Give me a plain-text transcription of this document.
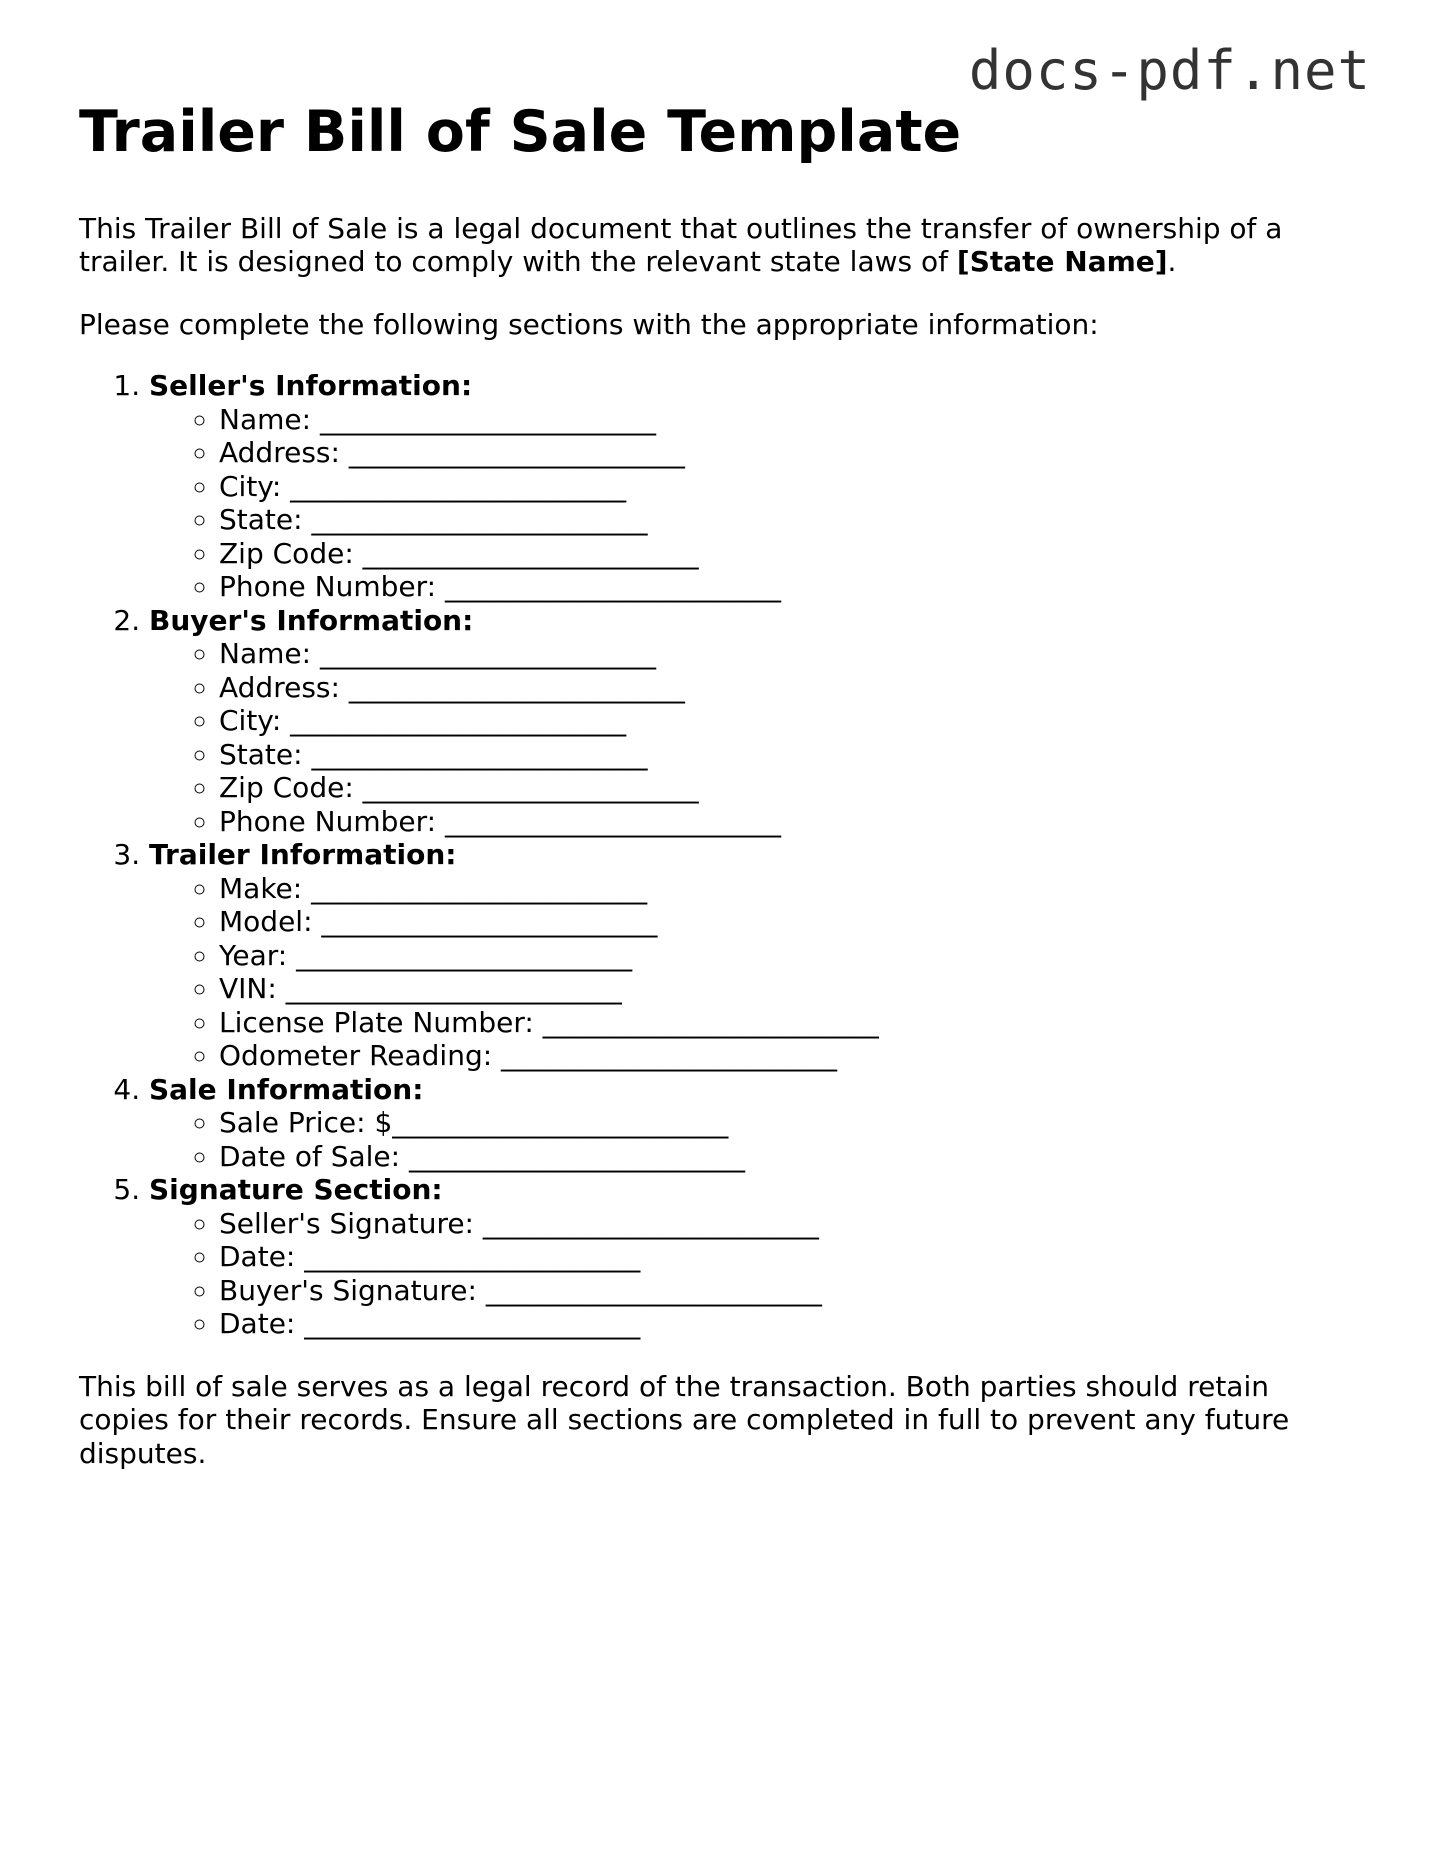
docs-pdf.net
Trailer Bill of Sale Template

This Trailer Bill of Sale is a legal document that outlines the transfer of ownership of a trailer. It is designed to comply with the relevant state laws of [State Name].

Please complete the following sections with the appropriate information:

1. Seller's Information:
◦ Name: ________________________
◦ Address: ________________________
◦ City: ________________________
◦ State: ________________________
◦ Zip Code: ________________________
◦ Phone Number: ________________________
2. Buyer's Information:
◦ Name: ________________________
◦ Address: ________________________
◦ City: ________________________
◦ State: ________________________
◦ Zip Code: ________________________
◦ Phone Number: ________________________
3. Trailer Information:
◦ Make: ________________________
◦ Model: ________________________
◦ Year: ________________________
◦ VIN: ________________________
◦ License Plate Number: ________________________
◦ Odometer Reading: ________________________
4. Sale Information:
◦ Sale Price: $________________________
◦ Date of Sale: ________________________
5. Signature Section:
◦ Seller's Signature: ________________________
◦ Date: ________________________
◦ Buyer's Signature: ________________________
◦ Date: ________________________

This bill of sale serves as a legal record of the transaction. Both parties should retain copies for their records. Ensure all sections are completed in full to prevent any future disputes.
